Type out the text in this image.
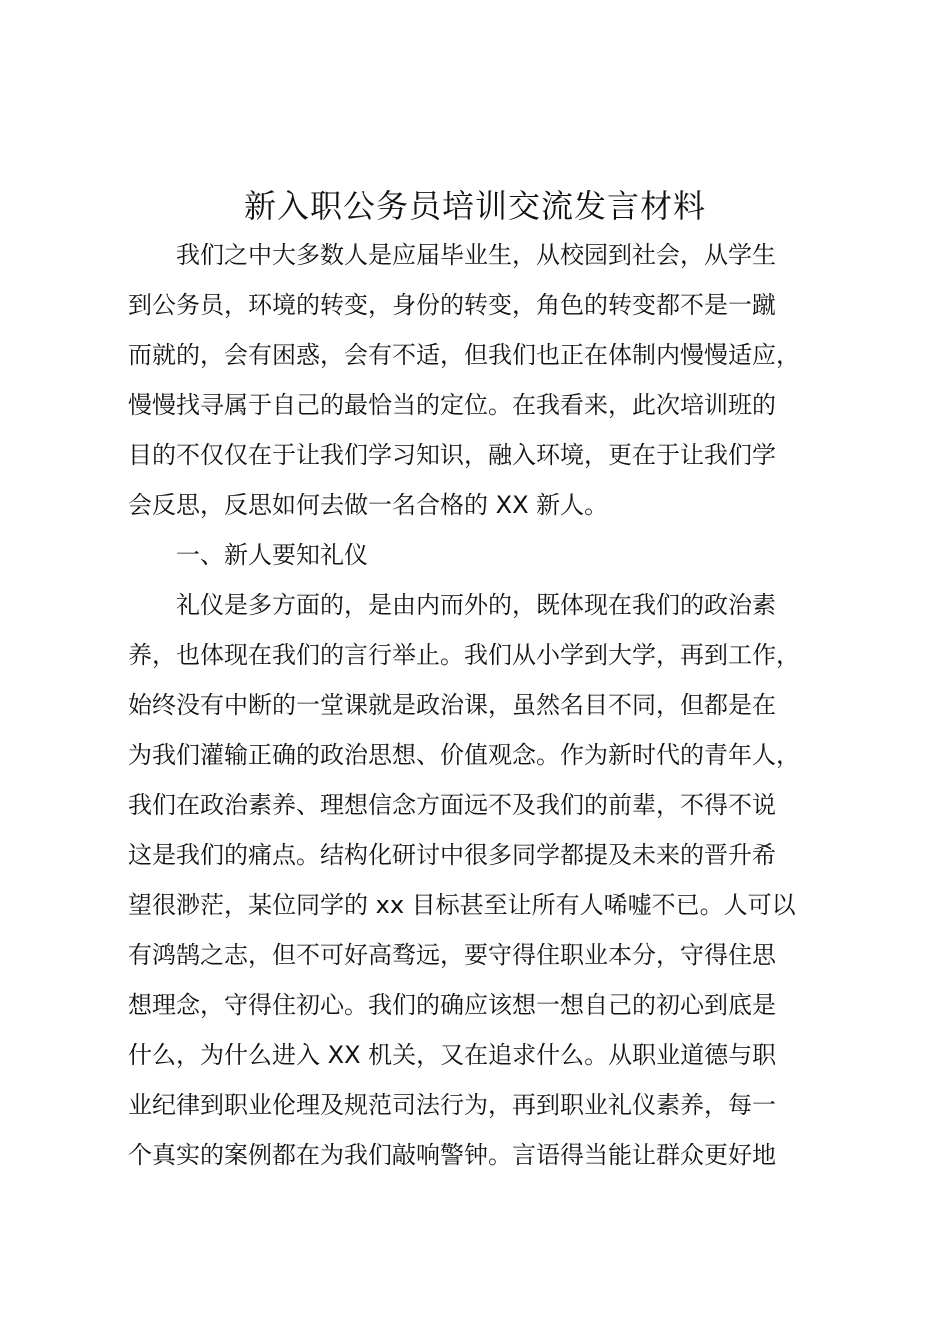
新入职公务员培训交流发言材料
　　我们之中大多数人是应届毕业生，从校园到社会，从学生
到公务员，环境的转变，身份的转变，角色的转变都不是一蹴
而就的，会有困惑，会有不适，但我们也正在体制内慢慢适应，
慢慢找寻属于自己的最恰当的定位。在我看来，此次培训班的
目的不仅仅在于让我们学习知识，融入环境，更在于让我们学
会反思，反思如何去做一名合格的 XX 新人。
　　一、新人要知礼仪
　　礼仪是多方面的，是由内而外的，既体现在我们的政治素
养，也体现在我们的言行举止。我们从小学到大学，再到工作，
始终没有中断的一堂课就是政治课，虽然名目不同，但都是在
为我们灌输正确的政治思想、价值观念。作为新时代的青年人，
我们在政治素养、理想信念方面远不及我们的前辈，不得不说
这是我们的痛点。结构化研讨中很多同学都提及未来的晋升希
望很渺茫，某位同学的 xx 目标甚至让所有人唏嘘不已。人可以
有鸿鹄之志，但不可好高骛远，要守得住职业本分，守得住思
想理念，守得住初心。我们的确应该想一想自己的初心到底是
什么，为什么进入 XX 机关，又在追求什么。从职业道德与职
业纪律到职业伦理及规范司法行为，再到职业礼仪素养，每一
个真实的案例都在为我们敲响警钟。言语得当能让群众更好地
